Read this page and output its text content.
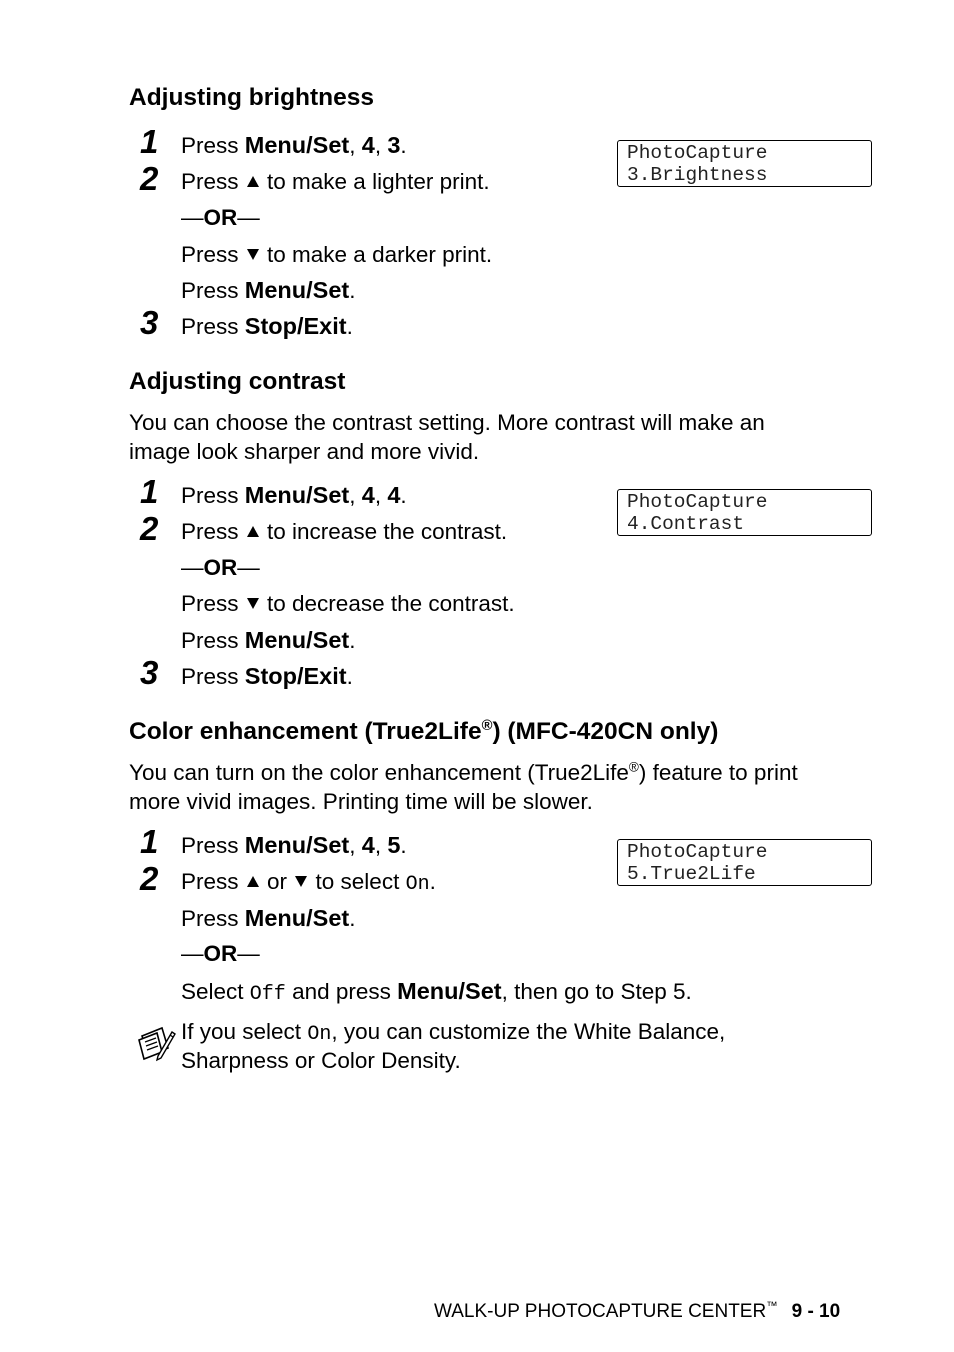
Adjusting brightness
1 Press Menu/Set, 4, 3.
2 Press  to make a lighter print.
—OR—
Press  to make a darker print.
Press Menu/Set.
3 Press Stop/Exit.
PhotoCapture
3.Brightness
Adjusting contrast
You can choose the contrast setting. More contrast will make an
image look sharper and more vivid.
1 Press Menu/Set, 4, 4.
2 Press  to increase the contrast.
—OR—
Press  to decrease the contrast.
Press Menu/Set.
3 Press Stop/Exit.
PhotoCapture
4.Contrast
Color enhancement (True2Life®) (MFC-420CN only)
You can turn on the color enhancement (True2Life®) feature to print
more vivid images. Printing time will be slower.
1 Press Menu/Set, 4, 5.
2 Press  or  to select On.
Press Menu/Set.
—OR—
Select Off and press Menu/Set, then go to Step 5.
PhotoCapture
5.True2Life
If you select On, you can customize the White Balance,
Sharpness or Color Density.
WALK-UP PHOTOCAPTURE CENTER™ 9 - 10
